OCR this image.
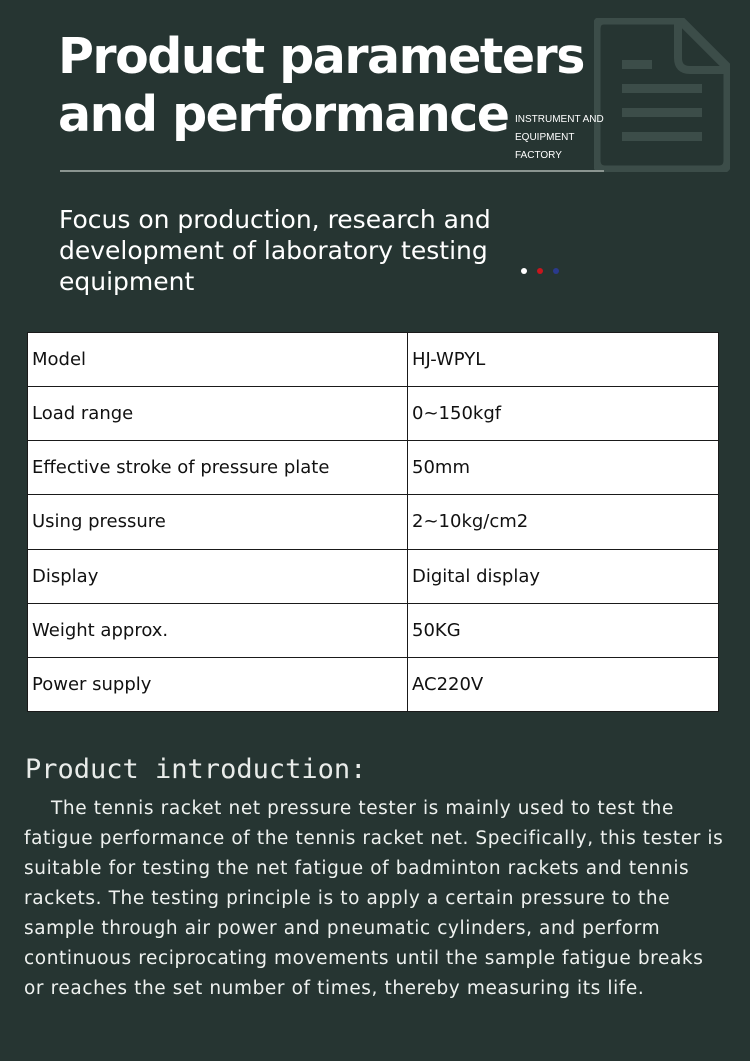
Product parameters
and performance INSTRUMENT AND
EQUIPMENT
FACTORY

Focus on production, research and development of laboratory testing equipment

Model	HJ-WPYL
Load range	0~150kgf
Effective stroke of pressure plate	50mm
Using pressure	2~10kg/cm2
Display	Digital display
Weight approx.	50KG
Power supply	AC220V
Product introduction:

The tennis racket net pressure tester is mainly used to test the fatigue performance of the tennis racket net. Specifically, this tester is suitable for testing the net fatigue of badminton rackets and tennis rackets. The testing principle is to apply a certain pressure to the sample through air power and pneumatic cylinders, and perform continuous reciprocating movements until the sample fatigue breaks or reaches the set number of times, thereby measuring its life.
